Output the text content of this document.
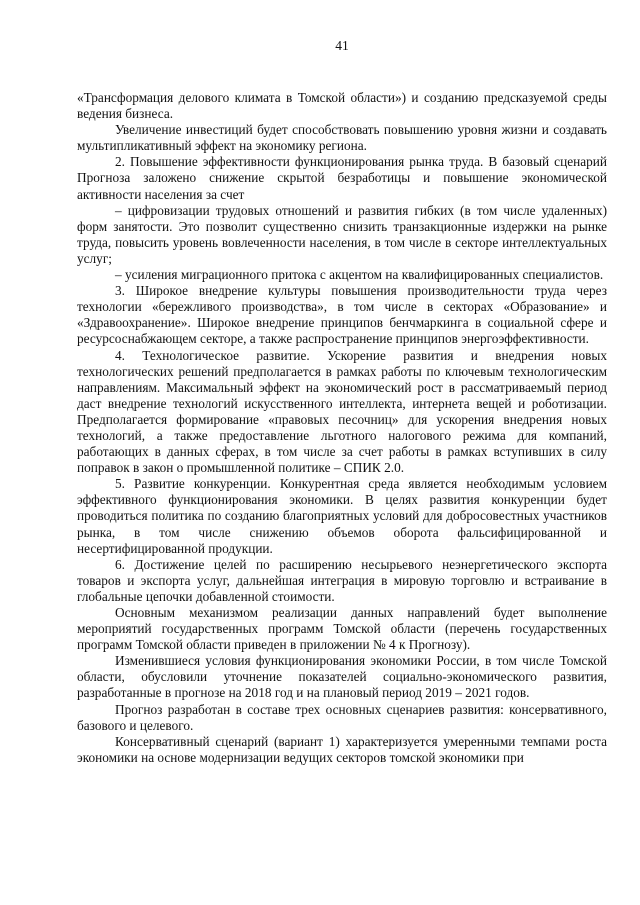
41

«Трансформация делового климата в Томской области») и созданию предсказуемой среды ведения бизнеса.

Увеличение инвестиций будет способствовать повышению уровня жизни и создавать мультипликативный эффект на экономику региона.

2. Повышение эффективности функционирования рынка труда. В базовый сценарий Прогноза заложено снижение скрытой безработицы и повышение экономической активности населения за счет

– цифровизации трудовых отношений и развития гибких (в том числе удаленных) форм занятости. Это позволит существенно снизить транзакционные издержки на рынке труда, повысить уровень вовлеченности населения, в том числе в секторе интеллектуальных услуг;

– усиления миграционного притока с акцентом на квалифицированных специалистов.

3. Широкое внедрение культуры повышения производительности труда через технологии «бережливого производства», в том числе в секторах «Образование» и «Здравоохранение». Широкое внедрение принципов бенчмаркинга в социальной сфере и ресурсоснабжающем секторе, а также распространение принципов энергоэффективности.

4. Технологическое развитие. Ускорение развития и внедрения новых технологических решений предполагается в рамках работы по ключевым технологическим направлениям. Максимальный эффект на экономический рост в рассматриваемый период даст внедрение технологий искусственного интеллекта, интернета вещей и роботизации. Предполагается формирование «правовых песочниц» для ускорения внедрения новых технологий, а также предоставление льготного налогового режима для компаний, работающих в данных сферах, в том числе за счет работы в рамках вступивших в силу поправок в закон о промышленной политике – СПИК 2.0.

5. Развитие конкуренции. Конкурентная среда является необходимым условием эффективного функционирования экономики. В целях развития конкуренции будет проводиться политика по созданию благоприятных условий для добросовестных участников рынка, в том числе снижению объемов оборота фальсифицированной и несертифицированной продукции.

6. Достижение целей по расширению несырьевого неэнергетического экспорта товаров и экспорта услуг, дальнейшая интеграция в мировую торговлю и встраивание в глобальные цепочки добавленной стоимости.

Основным механизмом реализации данных направлений будет выполнение мероприятий государственных программ Томской области (перечень государственных программ Томской области приведен в приложении № 4 к Прогнозу).

Изменившиеся условия функционирования экономики России, в том числе Томской области, обусловили уточнение показателей социально-экономического развития, разработанные в прогнозе на 2018 год и на плановый период 2019 – 2021 годов.

Прогноз разработан в составе трех основных сценариев развития: консервативного, базового и целевого.

Консервативный сценарий (вариант 1) характеризуется умеренными темпами роста экономики на основе модернизации ведущих секторов томской экономики при
